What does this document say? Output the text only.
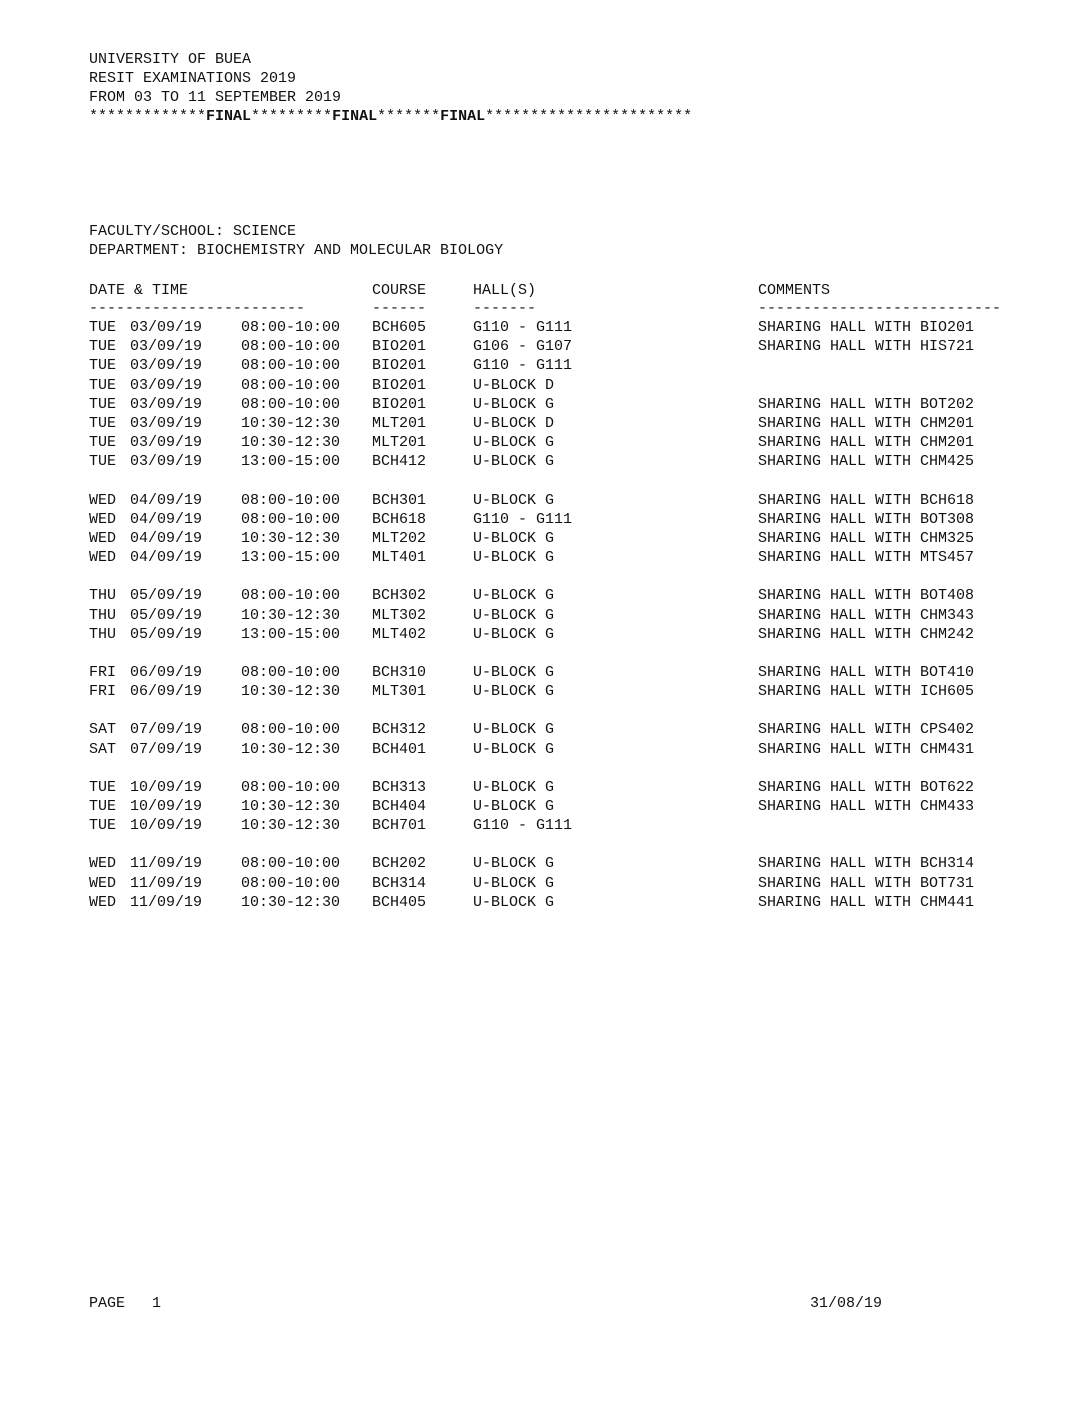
UNIVERSITY OF BUEA
RESIT EXAMINATIONS 2019
FROM 03 TO 11 SEPTEMBER 2019
*************FINAL*********FINAL*******FINAL***********************
FACULTY/SCHOOL: SCIENCE
DEPARTMENT: BIOCHEMISTRY AND MOLECULAR BIOLOGY
DATE & TIME	COURSE	HALL(S)	COMMENTS
------------------------	------	-------	---------------------------
TUE 03/09/19	08:00-10:00 BCH605	G110 - G111	SHARING HALL WITH BIO201
TUE 03/09/19	08:00-10:00 BIO201	G106 - G107	SHARING HALL WITH HIS721
TUE 03/09/19	08:00-10:00 BIO201	G110 - G111
TUE 03/09/19	08:00-10:00 BIO201	U-BLOCK D
TUE 03/09/19	08:00-10:00 BIO201	U-BLOCK G	SHARING HALL WITH BOT202
TUE 03/09/19	10:30-12:30 MLT201	U-BLOCK D	SHARING HALL WITH CHM201
TUE 03/09/19	10:30-12:30 MLT201	U-BLOCK G	SHARING HALL WITH CHM201
TUE 03/09/19	13:00-15:00 BCH412	U-BLOCK G	SHARING HALL WITH CHM425
WED 04/09/19	08:00-10:00 BCH301	U-BLOCK G	SHARING HALL WITH BCH618
WED 04/09/19	08:00-10:00 BCH618	G110 - G111	SHARING HALL WITH BOT308
WED 04/09/19	10:30-12:30 MLT202	U-BLOCK G	SHARING HALL WITH CHM325
WED 04/09/19	13:00-15:00 MLT401	U-BLOCK G	SHARING HALL WITH MTS457
THU 05/09/19	08:00-10:00 BCH302	U-BLOCK G	SHARING HALL WITH BOT408
THU 05/09/19	10:30-12:30 MLT302	U-BLOCK G	SHARING HALL WITH CHM343
THU 05/09/19	13:00-15:00 MLT402	U-BLOCK G	SHARING HALL WITH CHM242
FRI 06/09/19	08:00-10:00 BCH310	U-BLOCK G	SHARING HALL WITH BOT410
FRI 06/09/19	10:30-12:30 MLT301	U-BLOCK G	SHARING HALL WITH ICH605
SAT 07/09/19	08:00-10:00 BCH312	U-BLOCK G	SHARING HALL WITH CPS402
SAT 07/09/19	10:30-12:30 BCH401	U-BLOCK G	SHARING HALL WITH CHM431
TUE 10/09/19	08:00-10:00 BCH313	U-BLOCK G	SHARING HALL WITH BOT622
TUE 10/09/19	10:30-12:30 BCH404	U-BLOCK G	SHARING HALL WITH CHM433
TUE 10/09/19	10:30-12:30 BCH701	G110 - G111
WED 11/09/19	08:00-10:00 BCH202	U-BLOCK G	SHARING HALL WITH BCH314
WED 11/09/19	08:00-10:00 BCH314	U-BLOCK G	SHARING HALL WITH BOT731
WED 11/09/19	10:30-12:30 BCH405	U-BLOCK G	SHARING HALL WITH CHM441
PAGE 1	31/08/19
